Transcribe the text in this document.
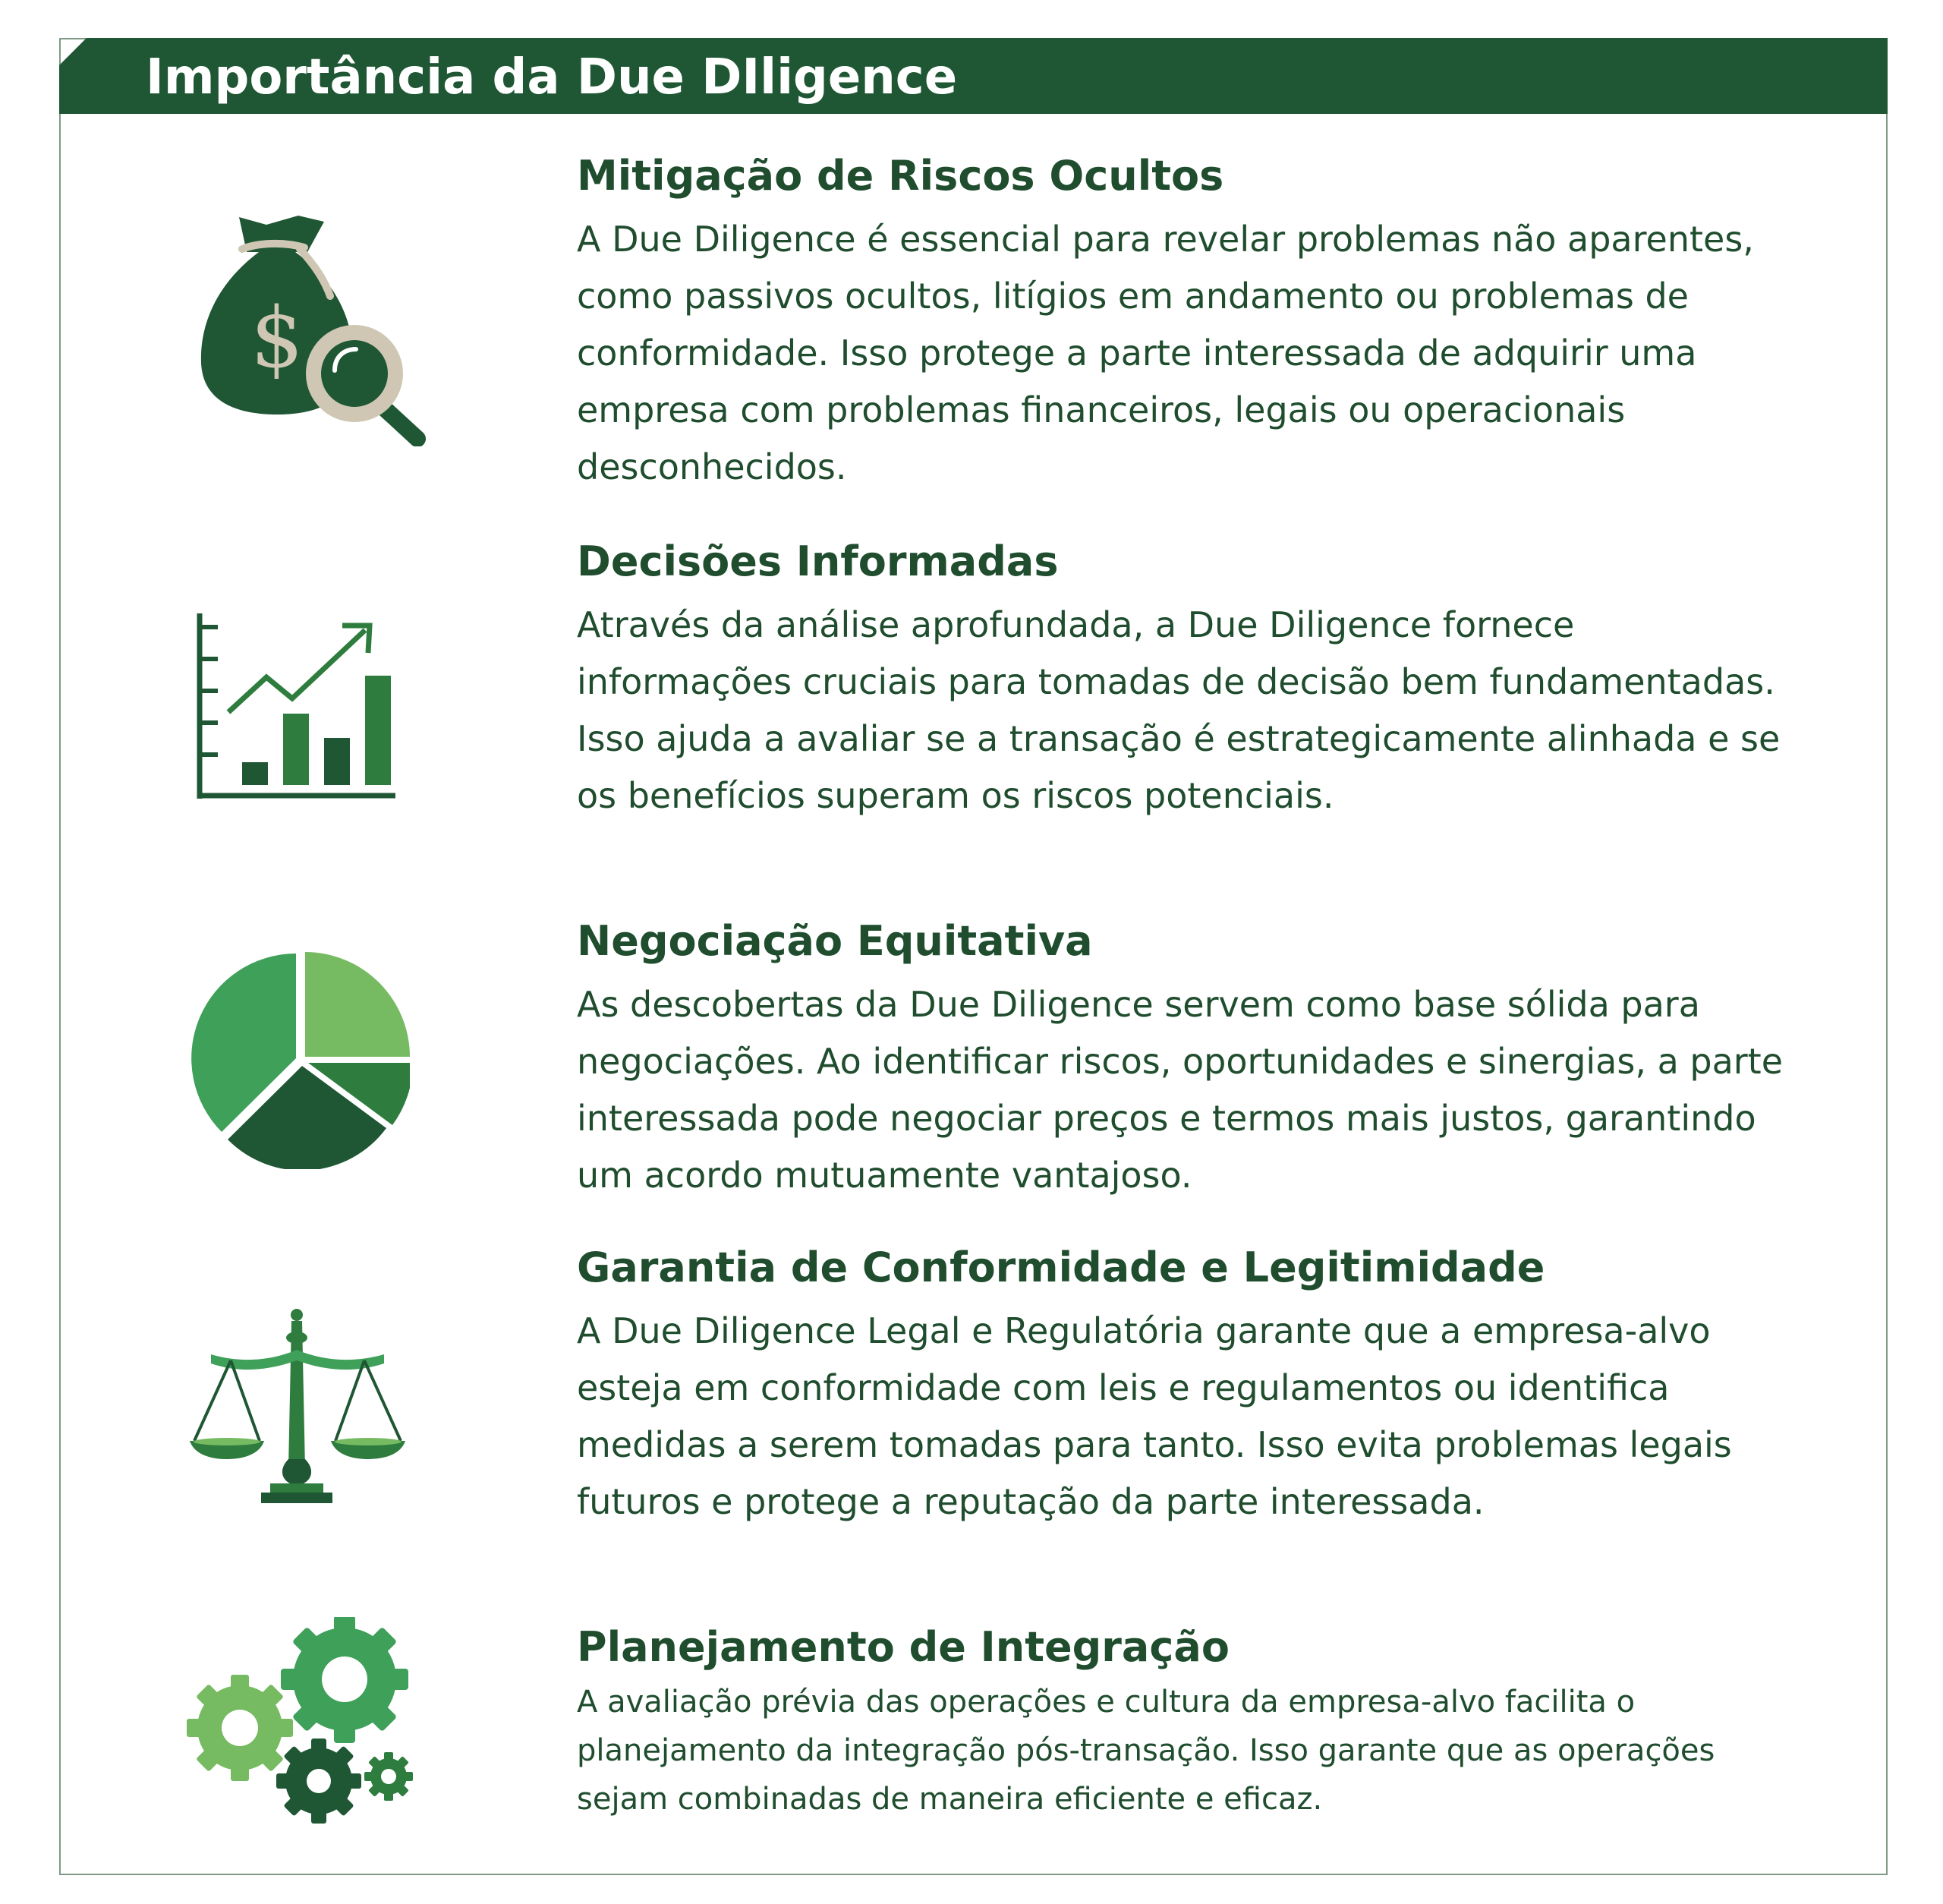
Importância da Due DIligence
$
Mitigação de Riscos Ocultos

A Due Diligence é essencial para revelar problemas não aparentes, como passivos ocultos, litígios em andamento ou problemas de conformidade. Isso protege a parte interessada de adquirir uma empresa com problemas financeiros, legais ou operacionais desconhecidos.

Decisões Informadas

Através da análise aprofundada, a Due Diligence fornece informações cruciais para tomadas de decisão bem fundamentadas. Isso ajuda a avaliar se a transação é estrategicamente alinhada e se os benefícios superam os riscos potenciais.

Negociação Equitativa

As descobertas da Due Diligence servem como base sólida para negociações. Ao identificar riscos, oportunidades e sinergias, a parte interessada pode negociar preços e termos mais justos, garantindo um acordo mutuamente vantajoso.

Garantia de Conformidade e Legitimidade

A Due Diligence Legal e Regulatória garante que a empresa-alvo esteja em conformidade com leis e regulamentos ou identifica medidas a serem tomadas para tanto. Isso evita problemas legais futuros e protege a reputação da parte interessada.

Planejamento de Integração

A avaliação prévia das operações e cultura da empresa-alvo facilita o planejamento da integração pós-transação. Isso garante que as operações sejam combinadas de maneira eficiente e eficaz.
